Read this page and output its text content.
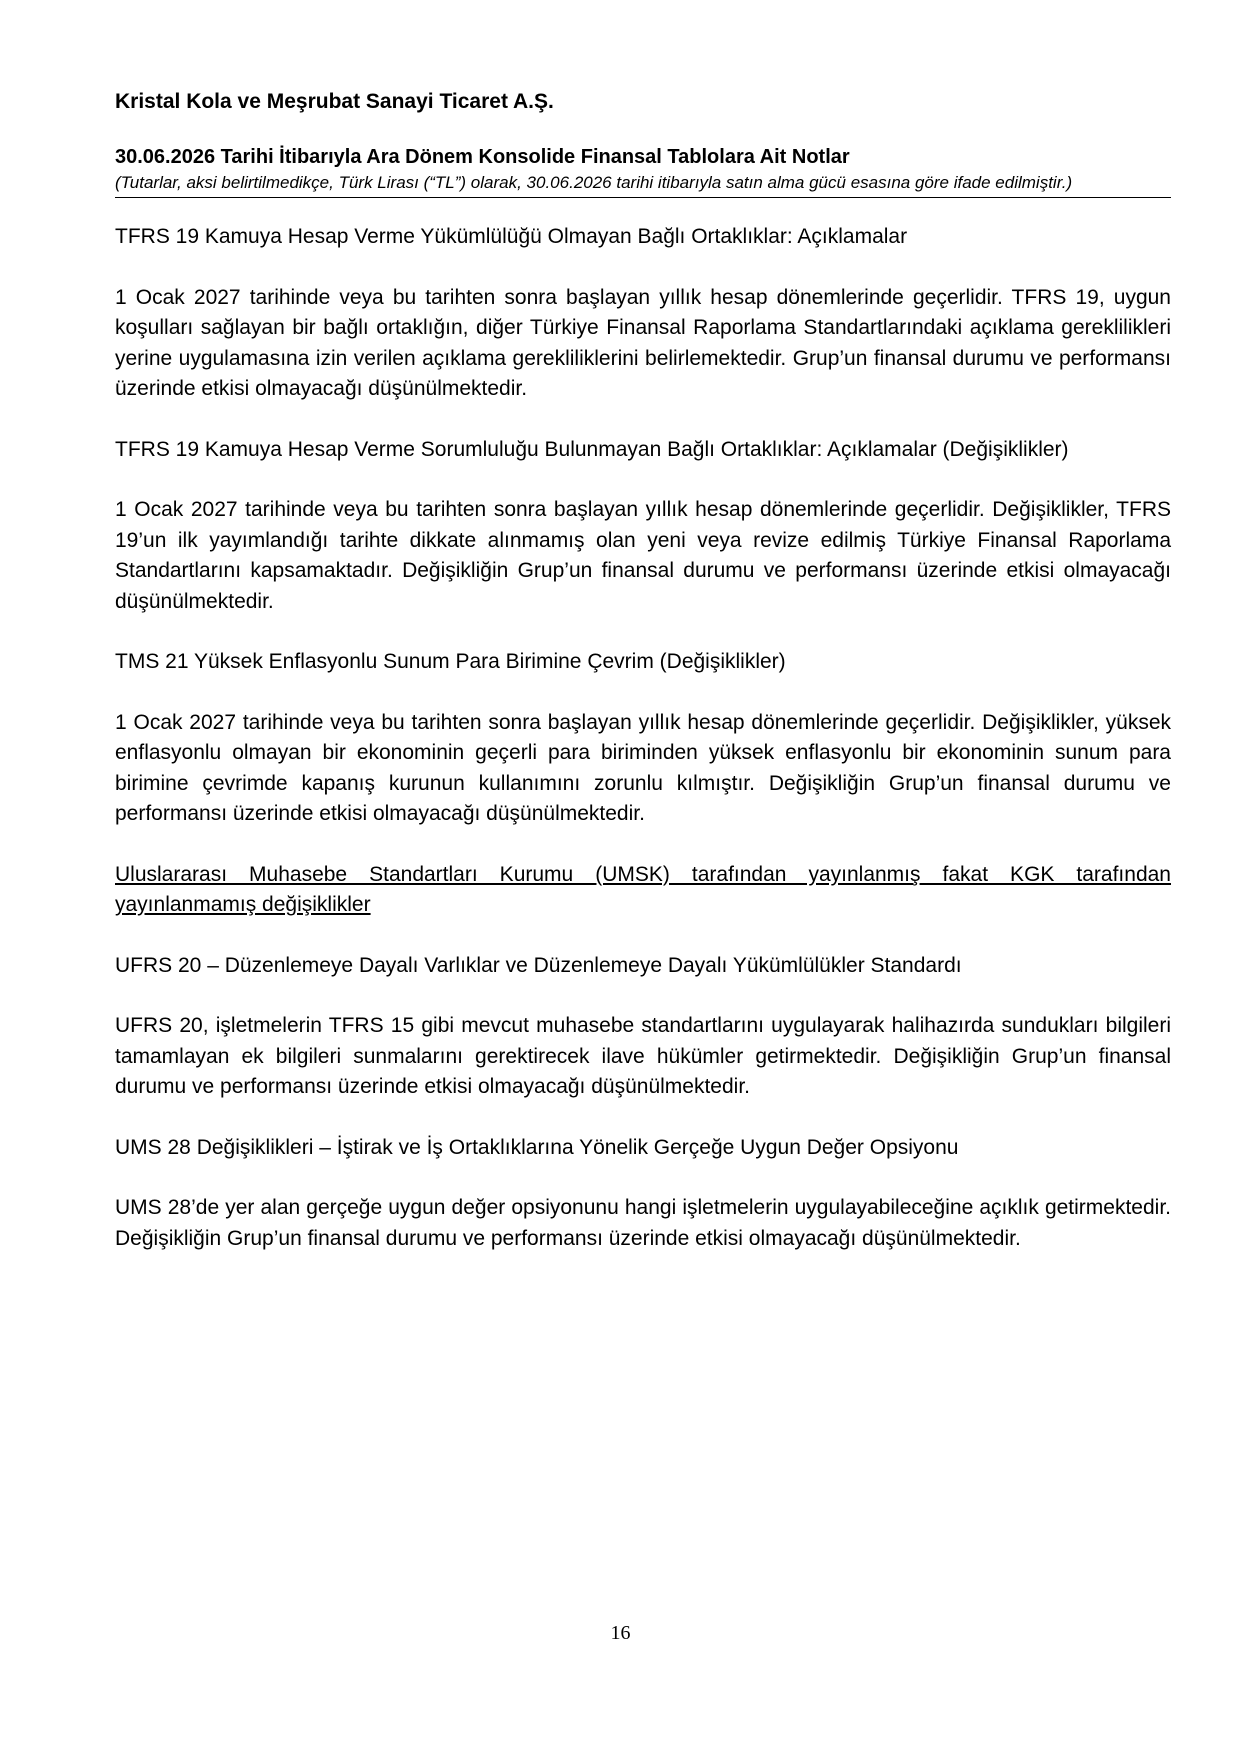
Kristal Kola ve Meşrubat Sanayi Ticaret A.Ş.

30.06.2026 Tarihi İtibarıyla Ara Dönem Konsolide Finansal Tablolara Ait Notlar

(Tutarlar, aksi belirtilmedikçe, Türk Lirası (“TL”) olarak, 30.06.2026 tarihi itibarıyla satın alma gücü esasına göre ifade edilmiştir.)

TFRS 19 Kamuya Hesap Verme Yükümlülüğü Olmayan Bağlı Ortaklıklar: Açıklamalar

1 Ocak 2027 tarihinde veya bu tarihten sonra başlayan yıllık hesap dönemlerinde geçerlidir. TFRS 19, uygun koşulları sağlayan bir bağlı ortaklığın, diğer Türkiye Finansal Raporlama Standartlarındaki açıklama gereklilikleri yerine uygulamasına izin verilen açıklama gerekliliklerini belirlemektedir. Grup’un finansal durumu ve performansı üzerinde etkisi olmayacağı düşünülmektedir.

TFRS 19 Kamuya Hesap Verme Sorumluluğu Bulunmayan Bağlı Ortaklıklar: Açıklamalar (Değişiklikler)

1 Ocak 2027 tarihinde veya bu tarihten sonra başlayan yıllık hesap dönemlerinde geçerlidir. Değişiklikler, TFRS 19’un ilk yayımlandığı tarihte dikkate alınmamış olan yeni veya revize edilmiş Türkiye Finansal Raporlama Standartlarını kapsamaktadır. Değişikliğin Grup’un finansal durumu ve performansı üzerinde etkisi olmayacağı düşünülmektedir.

TMS 21 Yüksek Enflasyonlu Sunum Para Birimine Çevrim (Değişiklikler)

1 Ocak 2027 tarihinde veya bu tarihten sonra başlayan yıllık hesap dönemlerinde geçerlidir. Değişiklikler, yüksek enflasyonlu olmayan bir ekonominin geçerli para biriminden yüksek enflasyonlu bir ekonominin sunum para birimine çevrimde kapanış kurunun kullanımını zorunlu kılmıştır. Değişikliğin Grup’un finansal durumu ve performansı üzerinde etkisi olmayacağı düşünülmektedir.

Uluslararası Muhasebe Standartları Kurumu (UMSK) tarafından yayınlanmış fakat KGK tarafından yayınlanmamış değişiklikler

UFRS 20 – Düzenlemeye Dayalı Varlıklar ve Düzenlemeye Dayalı Yükümlülükler Standardı

UFRS 20, işletmelerin TFRS 15 gibi mevcut muhasebe standartlarını uygulayarak halihazırda sundukları bilgileri tamamlayan ek bilgileri sunmalarını gerektirecek ilave hükümler getirmektedir. Değişikliğin Grup’un finansal durumu ve performansı üzerinde etkisi olmayacağı düşünülmektedir.

UMS 28 Değişiklikleri – İştirak ve İş Ortaklıklarına Yönelik Gerçeğe Uygun Değer Opsiyonu

UMS 28’de yer alan gerçeğe uygun değer opsiyonunu hangi işletmelerin uygulayabileceğine açıklık getirmektedir. Değişikliğin Grup’un finansal durumu ve performansı üzerinde etkisi olmayacağı düşünülmektedir.

16
